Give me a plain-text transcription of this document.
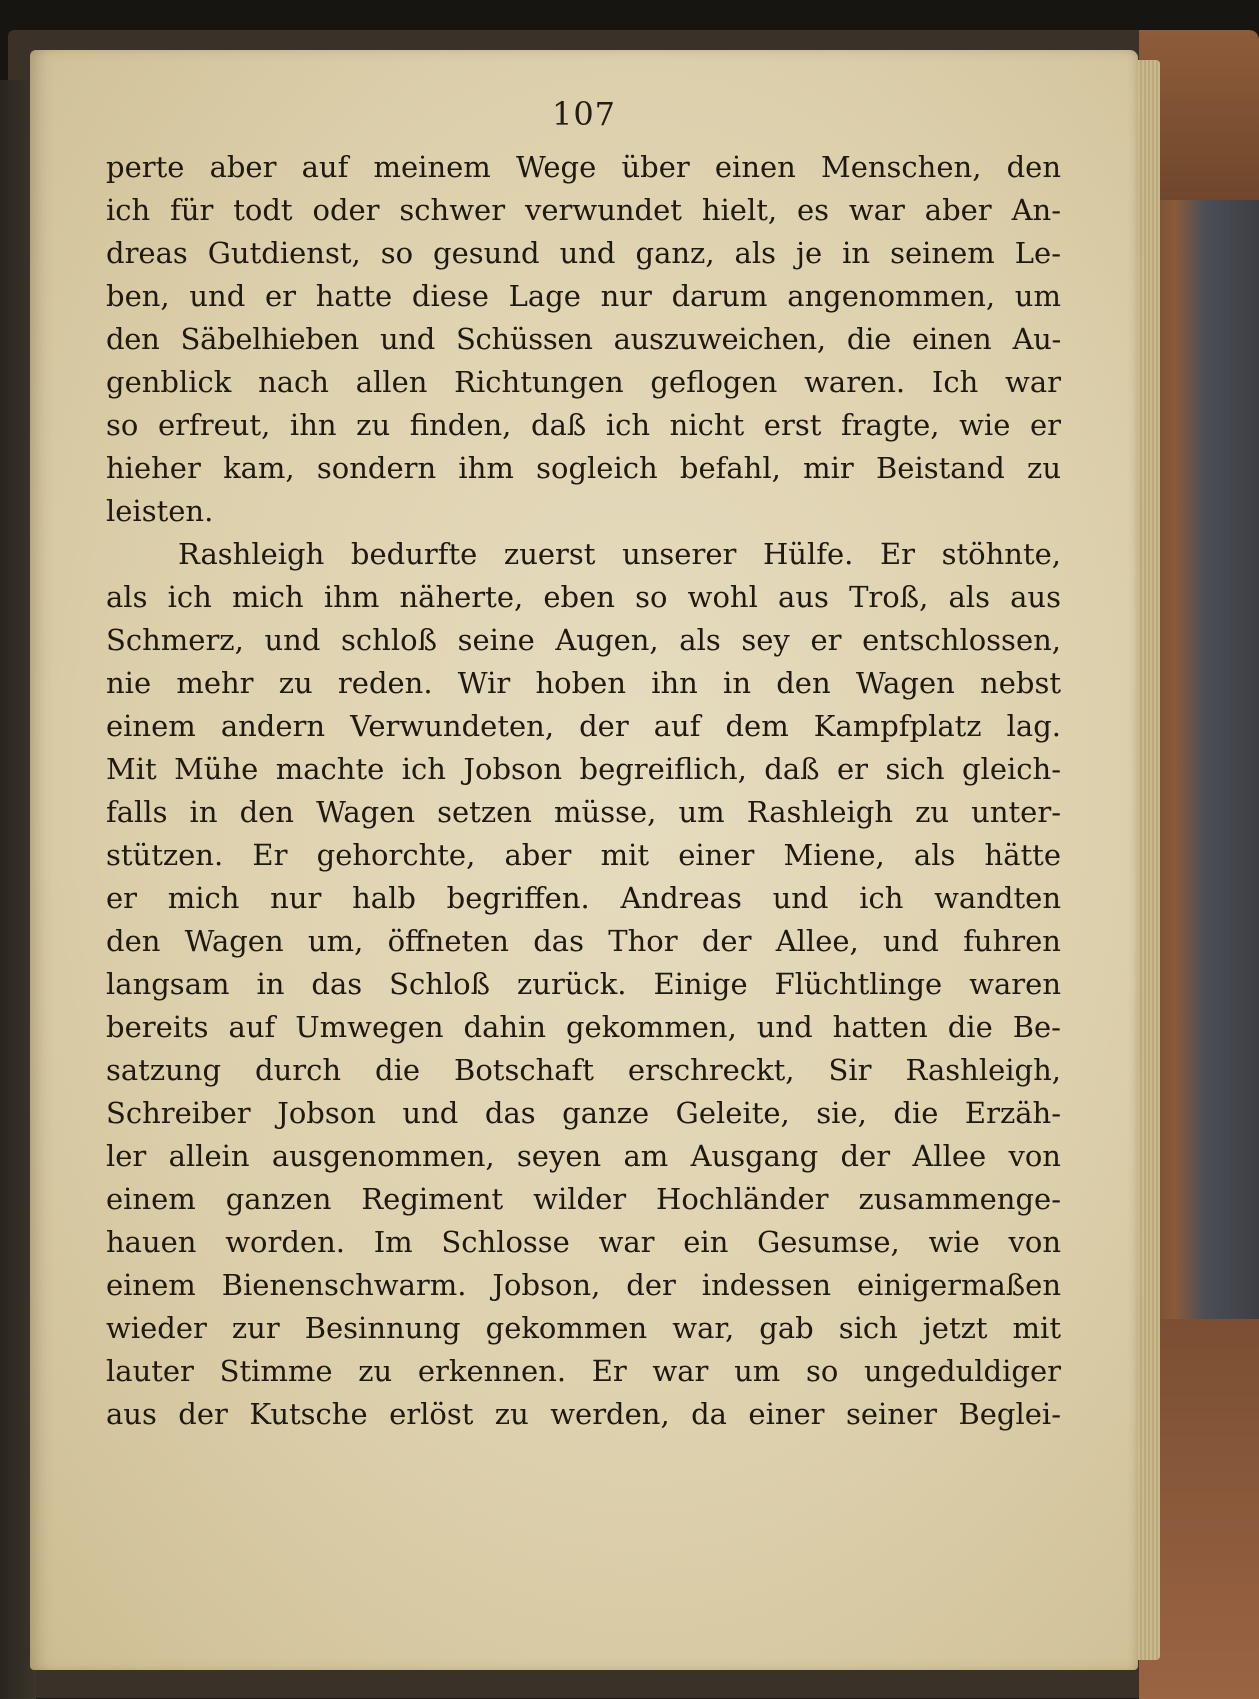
107
perte aber auf meinem Wege über einen Menschen, den
ich für todt oder schwer verwundet hielt, es war aber An-
dreas Gutdienst, so gesund und ganz, als je in seinem Le-
ben, und er hatte diese Lage nur darum angenommen, um
den Säbelhieben und Schüssen auszuweichen, die einen Au-
genblick nach allen Richtungen geflogen waren. Ich war
so erfreut, ihn zu finden, daß ich nicht erst fragte, wie er
hieher kam, sondern ihm sogleich befahl, mir Beistand zu
leisten.
Rashleigh bedurfte zuerst unserer Hülfe. Er stöhnte,
als ich mich ihm näherte, eben so wohl aus Troß, als aus
Schmerz, und schloß seine Augen, als sey er entschlossen,
nie mehr zu reden. Wir hoben ihn in den Wagen nebst
einem andern Verwundeten, der auf dem Kampfplatz lag.
Mit Mühe machte ich Jobson begreiflich, daß er sich gleich-
falls in den Wagen setzen müsse, um Rashleigh zu unter-
stützen. Er gehorchte, aber mit einer Miene, als hätte
er mich nur halb begriffen. Andreas und ich wandten
den Wagen um, öffneten das Thor der Allee, und fuhren
langsam in das Schloß zurück. Einige Flüchtlinge waren
bereits auf Umwegen dahin gekommen, und hatten die Be-
satzung durch die Botschaft erschreckt, Sir Rashleigh,
Schreiber Jobson und das ganze Geleite, sie, die Erzäh-
ler allein ausgenommen, seyen am Ausgang der Allee von
einem ganzen Regiment wilder Hochländer zusammenge-
hauen worden. Im Schlosse war ein Gesumse, wie von
einem Bienenschwarm. Jobson, der indessen einigermaßen
wieder zur Besinnung gekommen war, gab sich jetzt mit
lauter Stimme zu erkennen. Er war um so ungeduldiger
aus der Kutsche erlöst zu werden, da einer seiner Beglei-
